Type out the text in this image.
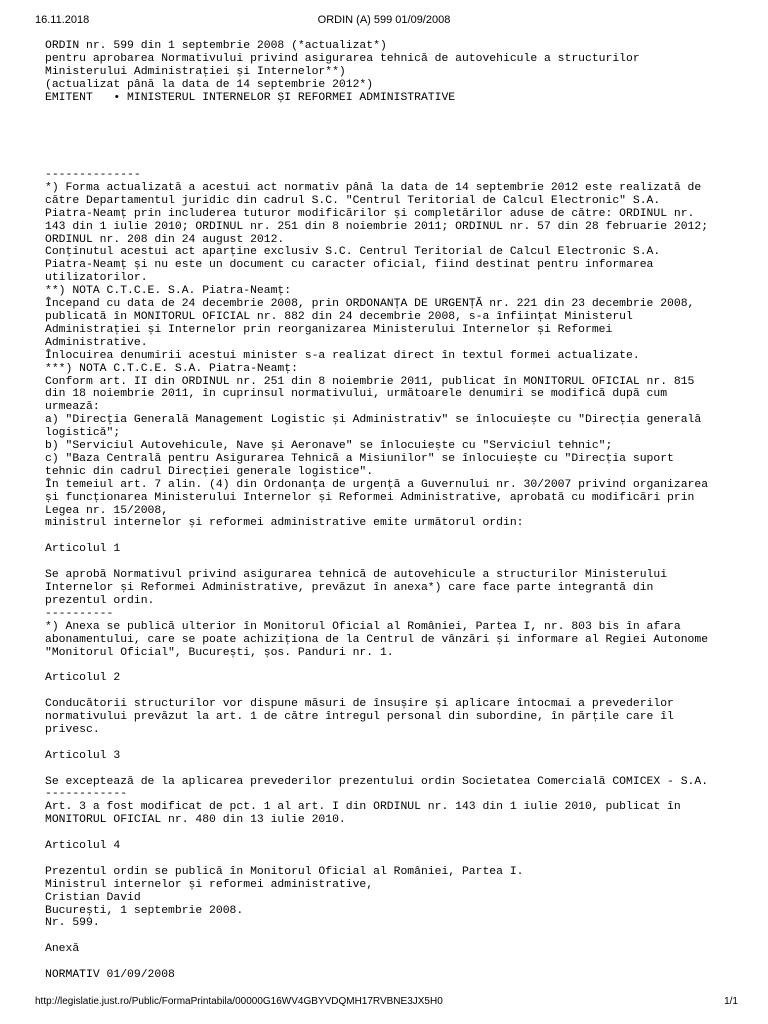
16.11.2018	ORDIN (A) 599 01/09/2008

ORDIN nr. 599 din 1 septembrie 2008 (*actualizat*)

pentru aprobarea Normativului privind asigurarea tehnică de autovehicule a structurilor

Ministerului Administrației și Internelor**)

(actualizat până la data de 14 septembrie 2012*)

EMITENT   • MINISTERUL INTERNELOR ȘI REFORMEI ADMINISTRATIVE

--------------

*) Forma actualizată a acestui act normativ până la data de 14 septembrie 2012 este realizată de

către Departamentul juridic din cadrul S.C. "Centrul Teritorial de Calcul Electronic" S.A.

Piatra-Neamț prin includerea tuturor modificărilor și completărilor aduse de către: ORDINUL nr.

143 din 1 iulie 2010; ORDINUL nr. 251 din 8 noiembrie 2011; ORDINUL nr. 57 din 28 februarie 2012;

ORDINUL nr. 208 din 24 august 2012.

Conținutul acestui act aparține exclusiv S.C. Centrul Teritorial de Calcul Electronic S.A.

Piatra-Neamț și nu este un document cu caracter oficial, fiind destinat pentru informarea

utilizatorilor.

**) NOTA C.T.C.E. S.A. Piatra-Neamț:

Începand cu data de 24 decembrie 2008, prin ORDONANȚA DE URGENȚĂ nr. 221 din 23 decembrie 2008,

publicată în MONITORUL OFICIAL nr. 882 din 24 decembrie 2008, s-a înființat Ministerul

Administrației și Internelor prin reorganizarea Ministerului Internelor și Reformei

Administrative.

Înlocuirea denumirii acestui minister s-a realizat direct în textul formei actualizate.

***) NOTA C.T.C.E. S.A. Piatra-Neamț:

Conform art. II din ORDINUL nr. 251 din 8 noiembrie 2011, publicat în MONITORUL OFICIAL nr. 815

din 18 noiembrie 2011, în cuprinsul normativului, următoarele denumiri se modifică după cum

urmează:

a) "Direcția Generală Management Logistic și Administrativ" se înlocuiește cu "Direcția generală

logistică";

b) "Serviciul Autovehicule, Nave și Aeronave" se înlocuiește cu "Serviciul tehnic";

c) "Baza Centrală pentru Asigurarea Tehnică a Misiunilor" se înlocuiește cu "Direcția suport

tehnic din cadrul Direcției generale logistice".

În temeiul art. 7 alin. (4) din Ordonanța de urgență a Guvernului nr. 30/2007 privind organizarea

și funcționarea Ministerului Internelor și Reformei Administrative, aprobată cu modificări prin

Legea nr. 15/2008,

ministrul internelor și reformei administrative emite următorul ordin:

Articolul 1

Se aprobă Normativul privind asigurarea tehnică de autovehicule a structurilor Ministerului

Internelor și Reformei Administrative, prevăzut în anexa*) care face parte integrantă din

prezentul ordin.

----------

*) Anexa se publică ulterior în Monitorul Oficial al României, Partea I, nr. 803 bis în afara

abonamentului, care se poate achiziționa de la Centrul de vânzări și informare al Regiei Autonome

"Monitorul Oficial", București, șos. Panduri nr. 1.

Articolul 2

Conducătorii structurilor vor dispune măsuri de însușire și aplicare întocmai a prevederilor

normativului prevăzut la art. 1 de către întregul personal din subordine, în părțile care îl

privesc.

Articolul 3

Se exceptează de la aplicarea prevederilor prezentului ordin Societatea Comercială COMICEX - S.A.

------------

Art. 3 a fost modificat de pct. 1 al art. I din ORDINUL nr. 143 din 1 iulie 2010, publicat în

MONITORUL OFICIAL nr. 480 din 13 iulie 2010.

Articolul 4

Prezentul ordin se publică în Monitorul Oficial al României, Partea I.

Ministrul internelor și reformei administrative,

Cristian David

București, 1 septembrie 2008.

Nr. 599.

Anexă

NORMATIV 01/09/2008

http://legislatie.just.ro/Public/FormaPrintabila/00000G16WV4GBYVDQMH17RVBNE3JX5H0	1/1
